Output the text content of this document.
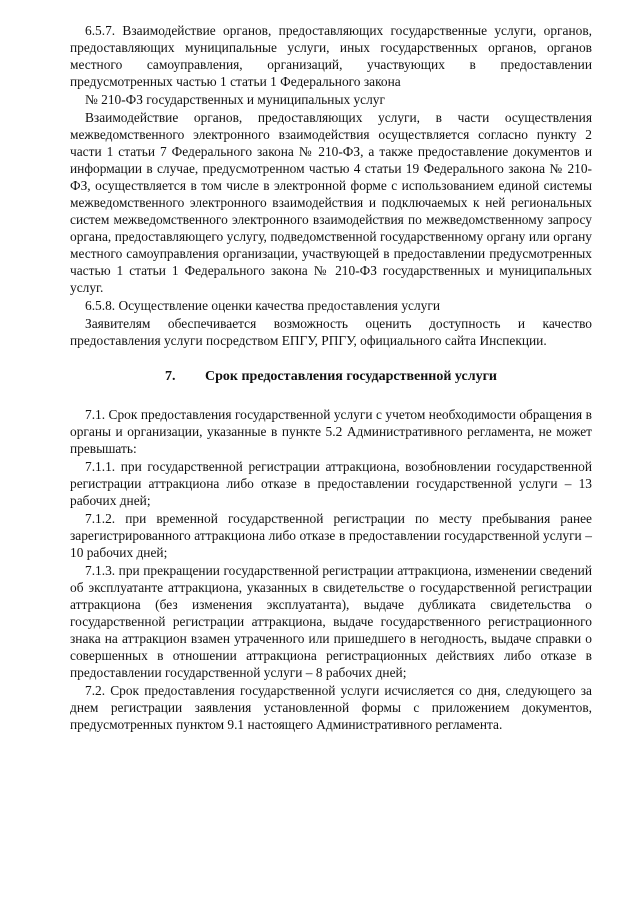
6.5.7. Взаимодействие органов, предоставляющих государственные услуги, органов, предоставляющих муниципальные услуги, иных государственных органов, органов местного самоуправления, организаций, участвующих в предоставлении предусмотренных частью 1 статьи 1 Федерального закона

№ 210-ФЗ государственных и муниципальных услуг

Взаимодействие органов, предоставляющих услуги, в части осуществления межведомственного электронного взаимодействия осуществляется согласно пункту 2 части 1 статьи 7 Федерального закона № 210-ФЗ, а также предоставление документов и информации в случае, предусмотренном частью 4 статьи 19 Федерального закона № 210-ФЗ, осуществляется в том числе в электронной форме с использованием единой системы межведомственного электронного взаимодействия и подключаемых к ней региональных систем межведомственного электронного взаимодействия по межведомственному запросу органа, предоставляющего услугу, подведомственной государственному органу или органу местного самоуправления организации, участвующей в предоставлении предусмотренных частью 1 статьи 1 Федерального закона № 210-ФЗ государственных и муниципальных услуг.

6.5.8. Осуществление оценки качества предоставления услуги

Заявителям обеспечивается возможность оценить доступность и качество предоставления услуги посредством ЕПГУ, РПГУ, официального сайта Инспекции.

7. Срок предоставления государственной услуги

7.1. Срок предоставления государственной услуги с учетом необходимости обращения в органы и организации, указанные в пункте 5.2 Административного регламента, не может превышать:

7.1.1. при государственной регистрации аттракциона, возобновлении государственной регистрации аттракциона либо отказе в предоставлении государственной услуги – 13 рабочих дней;

7.1.2. при временной государственной регистрации по месту пребывания ранее зарегистрированного аттракциона либо отказе в предоставлении государственной услуги – 10 рабочих дней;

7.1.3. при прекращении государственной регистрации аттракциона, изменении сведений об эксплуатанте аттракциона, указанных в свидетельстве о государственной регистрации аттракциона (без изменения эксплуатанта), выдаче дубликата свидетельства о государственной регистрации аттракциона, выдаче государственного регистрационного знака на аттракцион взамен утраченного или пришедшего в негодность, выдаче справки о совершенных в отношении аттракциона регистрационных действиях либо отказе в предоставлении государственной услуги – 8 рабочих дней;

7.2. Срок предоставления государственной услуги исчисляется со дня, следующего за днем регистрации заявления установленной формы с приложением документов, предусмотренных пунктом 9.1 настоящего Административного регламента.
